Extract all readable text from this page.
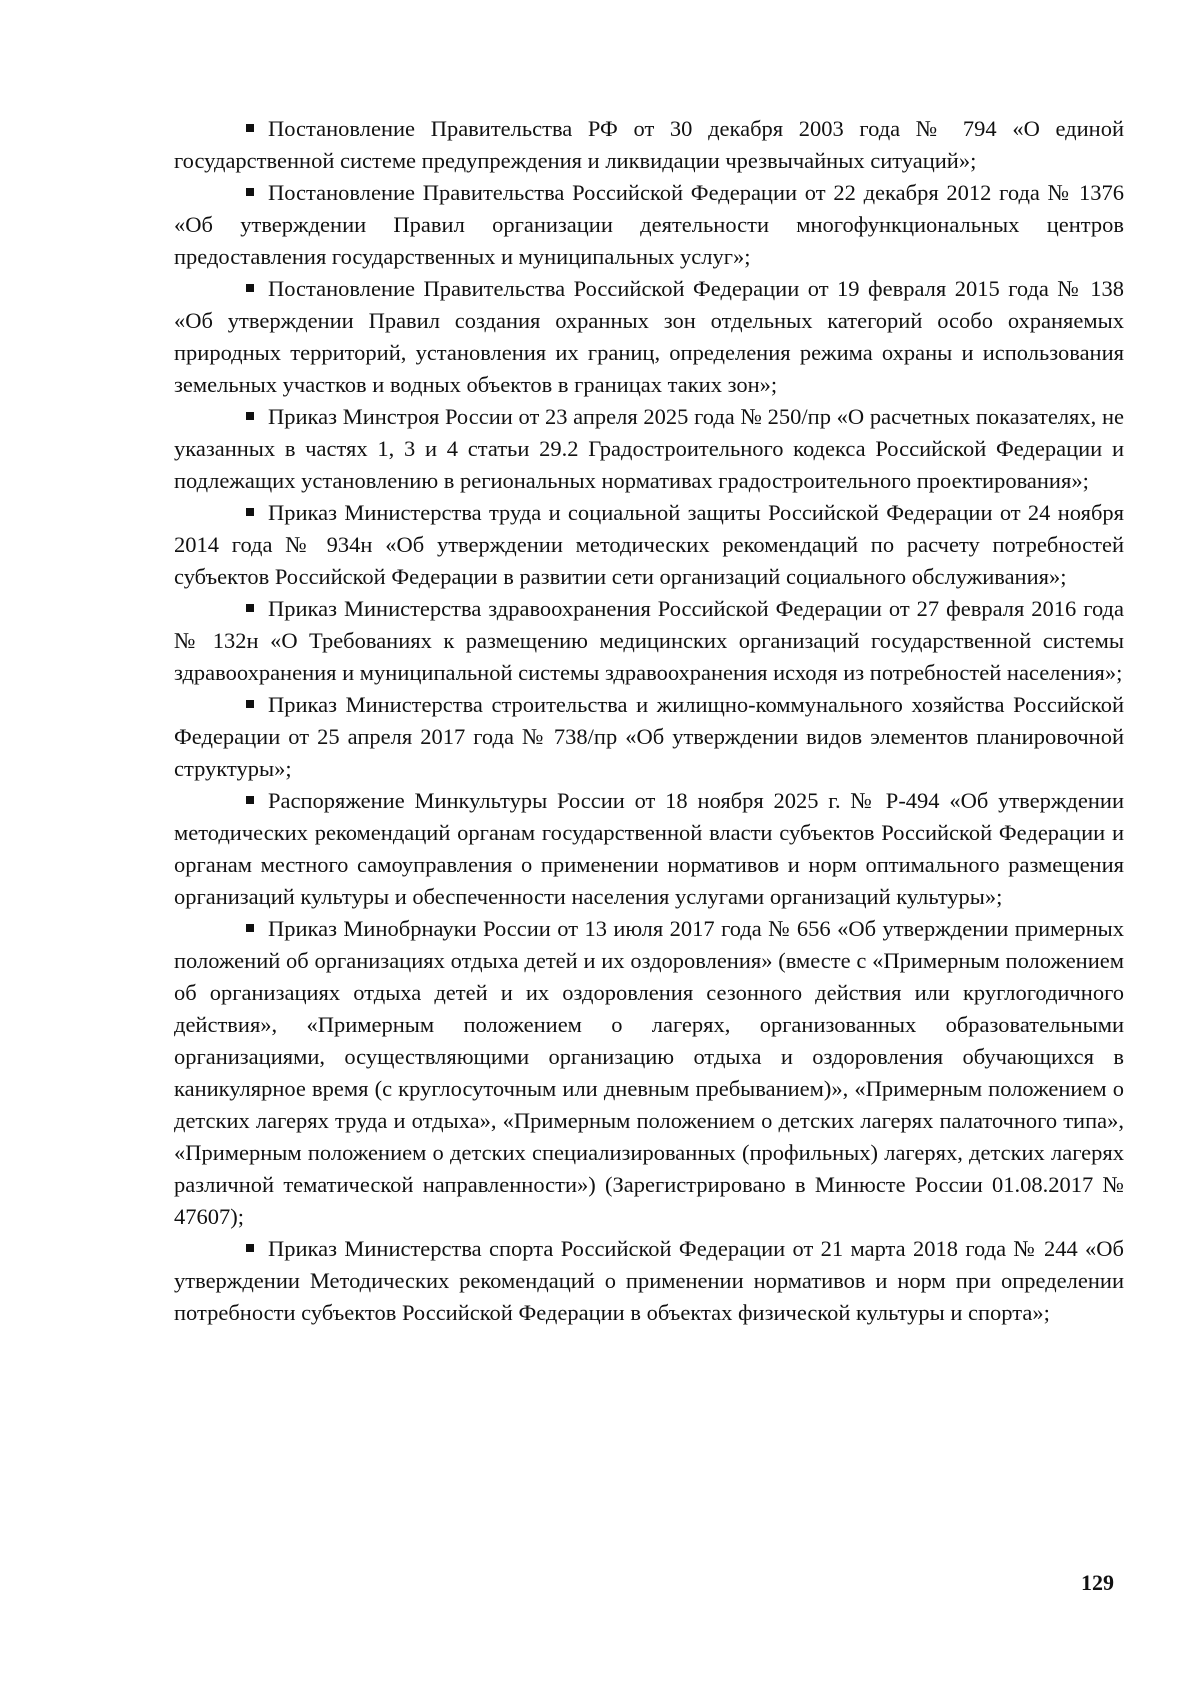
Постановление Правительства РФ от 30 декабря 2003 года № 794 «О единой государственной системе предупреждения и ликвидации чрезвычайных ситуаций»;

Постановление Правительства Российской Федерации от 22 декабря 2012 года № 1376 «Об утверждении Правил организации деятельности многофункциональных центров предоставления государственных и муниципальных услуг»;

Постановление Правительства Российской Федерации от 19 февраля 2015 года № 138 «Об утверждении Правил создания охранных зон отдельных категорий особо охраняемых природных территорий, установления их границ, определения режима охраны и использования земельных участков и водных объектов в границах таких зон»;

Приказ Минстроя России от 23 апреля 2025 года № 250/пр «О расчетных показателях, не указанных в частях 1, 3 и 4 статьи 29.2 Градостроительного кодекса Российской Федерации и подлежащих установлению в региональных нормативах градостроительного проектирования»;

Приказ Министерства труда и социальной защиты Российской Федерации от 24 ноября 2014 года № 934н «Об утверждении методических рекомендаций по расчету потребностей субъектов Российской Федерации в развитии сети организаций социального обслуживания»;

Приказ Министерства здравоохранения Российской Федерации от 27 февраля 2016 года № 132н «О Требованиях к размещению медицинских организаций государственной системы здравоохранения и муниципальной системы здравоохранения исходя из потребностей населения»;

Приказ Министерства строительства и жилищно-коммунального хозяйства Российской Федерации от 25 апреля 2017 года № 738/пр «Об утверждении видов элементов планировочной структуры»;

Распоряжение Минкультуры России от 18 ноября 2025 г. № Р-494 «Об утверждении методических рекомендаций органам государственной власти субъектов Российской Федерации и органам местного самоуправления о применении нормативов и норм оптимального размещения организаций культуры и обеспеченности населения услугами организаций культуры»;

Приказ Минобрнауки России от 13 июля 2017 года № 656 «Об утверждении примерных положений об организациях отдыха детей и их оздоровления» (вместе с «Примерным положением об организациях отдыха детей и их оздоровления сезонного действия или круглогодичного действия», «Примерным положением о лагерях, организованных образовательными организациями, осуществляющими организацию отдыха и оздоровления обучающихся в каникулярное время (с круглосуточным или дневным пребыванием)», «Примерным положением о детских лагерях труда и отдыха», «Примерным положением о детских лагерях палаточного типа», «Примерным положением о детских специализированных (профильных) лагерях, детских лагерях различной тематической направленности») (Зарегистрировано в Минюсте России 01.08.2017 № 47607);

Приказ Министерства спорта Российской Федерации от 21 марта 2018 года № 244 «Об утверждении Методических рекомендаций о применении нормативов и норм при определении потребности субъектов Российской Федерации в объектах физической культуры и спорта»;

129
